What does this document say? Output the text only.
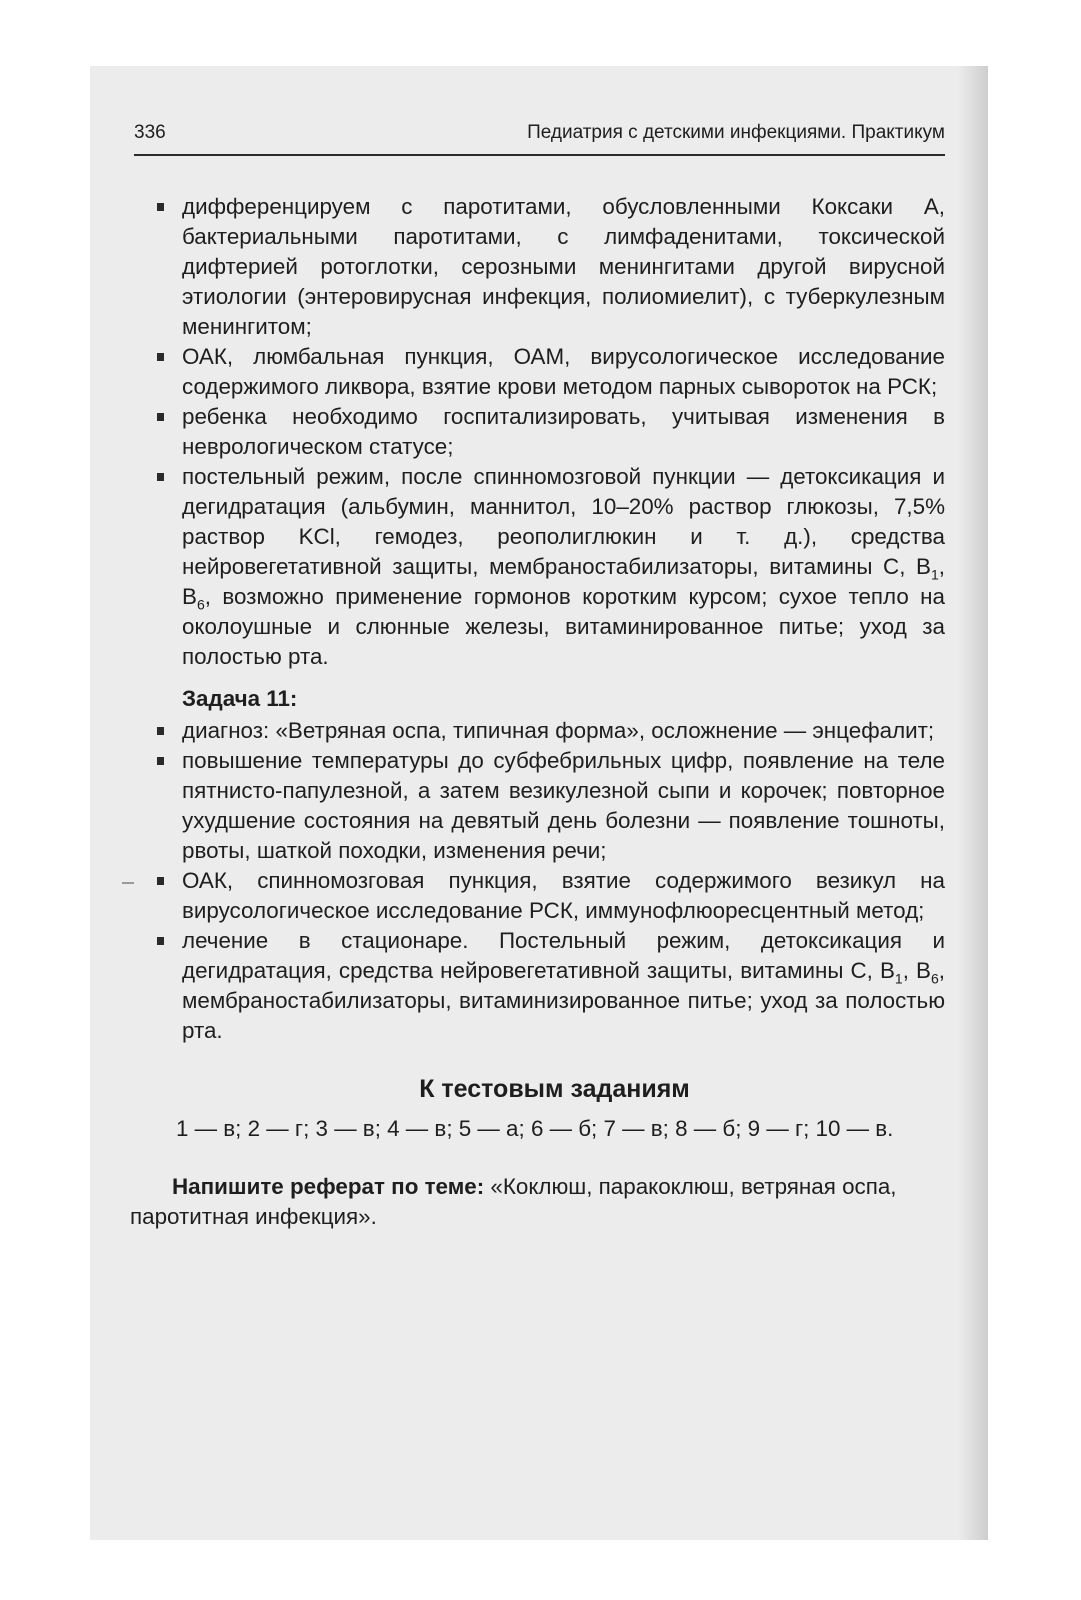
336	Педиатрия с детскими инфекциями. Практикум
дифференцируем с паротитами, обусловленными Коксаки А, бактериальными паротитами, с лимфаденитами, токсической дифтерией ротоглотки, серозными менингитами другой вирусной этиологии (энтеровирусная инфекция, полиомиелит), с туберкулезным менингитом;
ОАК, люмбальная пункция, ОАМ, вирусологическое исследование содержимого ликвора, взятие крови методом парных сывороток на РСК;
ребенка необходимо госпитализировать, учитывая изменения в неврологическом статусе;
постельный режим, после спинномозговой пункции — детоксикация и дегидратация (альбумин, маннитол, 10–20% раствор глюкозы, 7,5% раствор KCl, гемодез, реополиглюкин и т. д.), средства нейровегетативной защиты, мембраностабилизаторы, витамины С, $В_1$, $В_6$, возможно применение гормонов коротким курсом; сухое тепло на околоушные и слюнные железы, витаминированное питье; уход за полостью рта.
Задача 11:
диагноз: «Ветряная оспа, типичная форма», осложнение — энцефалит;
повышение температуры до субфебрильных цифр, появление на теле пятнисто-папулезной, а затем везикулезной сыпи и корочек; повторное ухудшение состояния на девятый день болезни — появление тошноты, рвоты, шаткой походки, изменения речи;
ОАК, спинномозговая пункция, взятие содержимого везикул на вирусологическое исследование РСК, иммунофлюоресцентный метод;
лечение в стационаре. Постельный режим, детоксикация и дегидратация, средства нейровегетативной защиты, витамины С, $В_1$, $В_6$, мембраностабилизаторы, витаминизированное питье; уход за полостью рта.
К тестовым заданиям
1 — в; 2 — г; 3 — в; 4 — в; 5 — а; 6 — б; 7 — в; 8 — б; 9 — г; 10 — в.
Напишите реферат по теме: «Коклюш, паракоклюш, ветряная оспа, паротитная инфекция».
